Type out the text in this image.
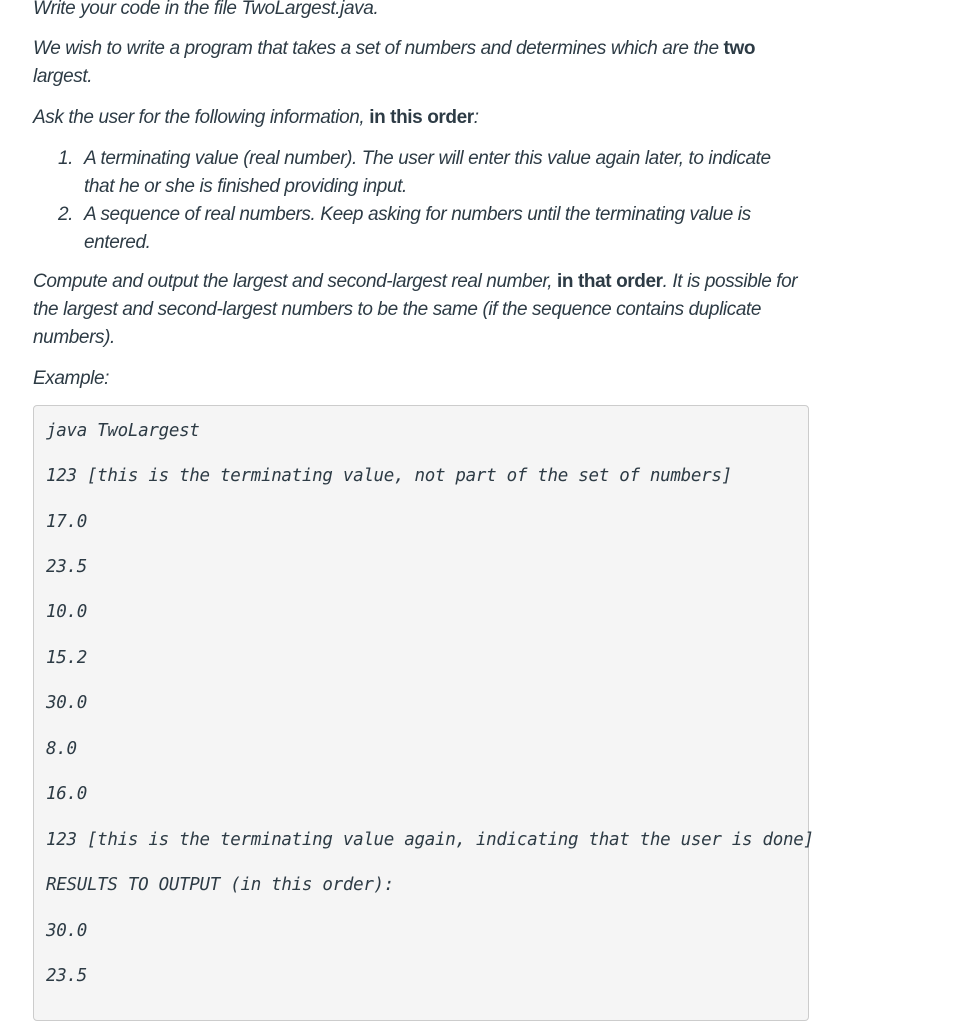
Write your code in the file TwoLargest.java.

We wish to write a program that takes a set of numbers and determines which are the two largest.

Ask the user for the following information, in this order:

1. A terminating value (real number). The user will enter this value again later, to indicate that he or she is finished providing input.
2. A sequence of real numbers. Keep asking for numbers until the terminating value is entered.

Compute and output the largest and second-largest real number, in that order. It is possible for the largest and second-largest numbers to be the same (if the sequence contains duplicate numbers).

Example:

java TwoLargest
123 [this is the terminating value, not part of the set of numbers]
17.0
23.5
10.0
15.2
30.0
8.0
16.0
123 [this is the terminating value again, indicating that the user is done]
RESULTS TO OUTPUT (in this order):
30.0
23.5
